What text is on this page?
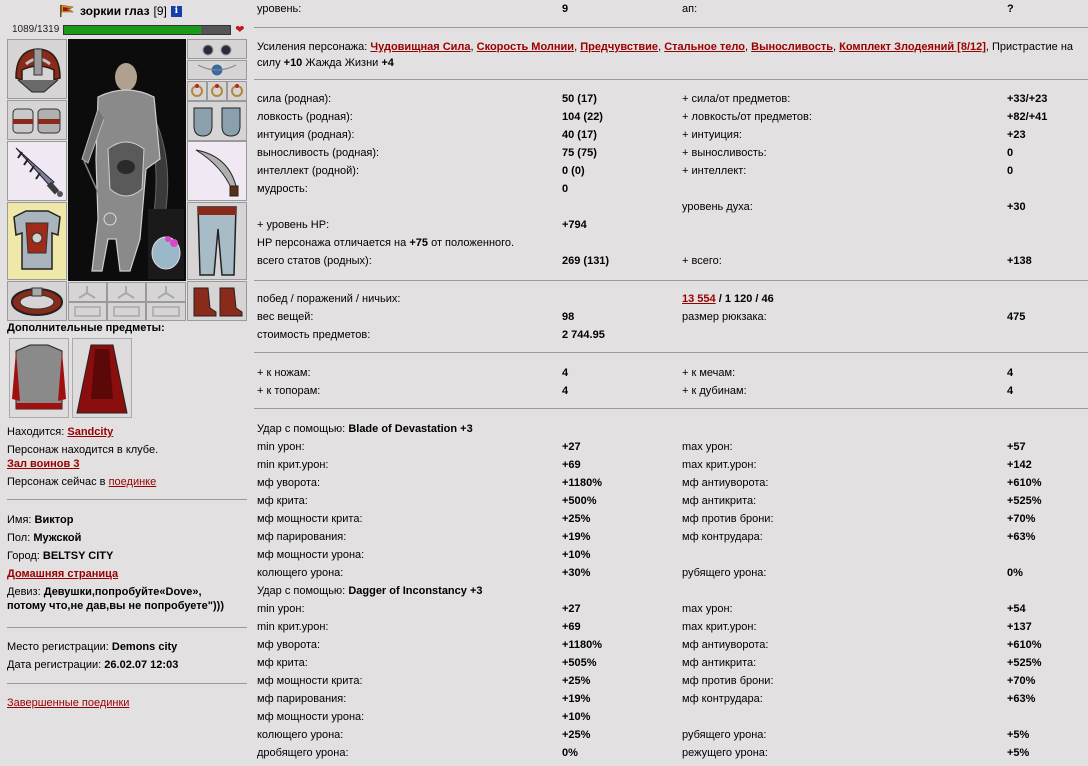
зоркии глаз [9] i
1089/1319	❤
Дополнительные предметы:
Находится: Sandcity
Персонаж находится в клубе.
Зал воинов 3
Персонаж сейчас в поединке
Имя: Виктор
Пол: Мужской
Город: BELTSY CITY
Домашняя страница
Девиз: Девушки,попробуйте«Dove»,
потому что,не дав,вы не попробуете")))
Место регистрации: Demons city
Дата регистрации: 26.02.07 12:03
Завершенные поединки
уровень:	9	ап:	?
Усиления персонажа: Чудовищная Сила, Скорость Молнии, Предчувствие, Стальное тело, Выносливость, Комплект Злодеяний [8/12], Пристрастие на
силу +10 Жажда Жизни +4
сила (родная):	50 (17)	+ сила/от предметов:	+33/+23
ловкость (родная):	104 (22)	+ ловкость/от предметов:	+82/+41
интуиция (родная):	40 (17)	+ интуиция:	+23
выносливость (родная):	75 (75)	+ выносливость:	0
интеллект (родной):	0 (0)	+ интеллект:	0
мудрость:	0
уровень духа:	+30
+ уровень HP:	+794
HP персонажа отличается на +75 от положенного.
всего статов (родных):	269 (131)	+ всего:	+138
побед / поражений / ничьих:	13 554 / 1 120 / 46
вес вещей:	98	размер рюкзака:	475
стоимость предметов:	2 744.95
+ к ножам:	4	+ к мечам:	4
+ к топорам:	4	+ к дубинам:	4
Удар с помощью: Blade of Devastation +3
min урон:	+27	max урон:	+57
min крит.урон:	+69	max крит.урон:	+142
мф уворота:	+1180%	мф антиуворота:	+610%
мф крита:	+500%	мф антикрита:	+525%
мф мощности крита:	+25%	мф против брони:	+70%
мф парирования:	+19%	мф контрудара:	+63%
мф мощности урона:	+10%
колющего урона:	+30%	рубящего урона:	0%
Удар с помощью: Dagger of Inconstancy +3
min урон:	+27	max урон:	+54
min крит.урон:	+69	max крит.урон:	+137
мф уворота:	+1180%	мф антиуворота:	+610%
мф крита:	+505%	мф антикрита:	+525%
мф мощности крита:	+25%	мф против брони:	+70%
мф парирования:	+19%	мф контрудара:	+63%
мф мощности урона:	+10%
колющего урона:	+25%	рубящего урона:	+5%
дробящего урона:	0%	режущего урона:	+5%
